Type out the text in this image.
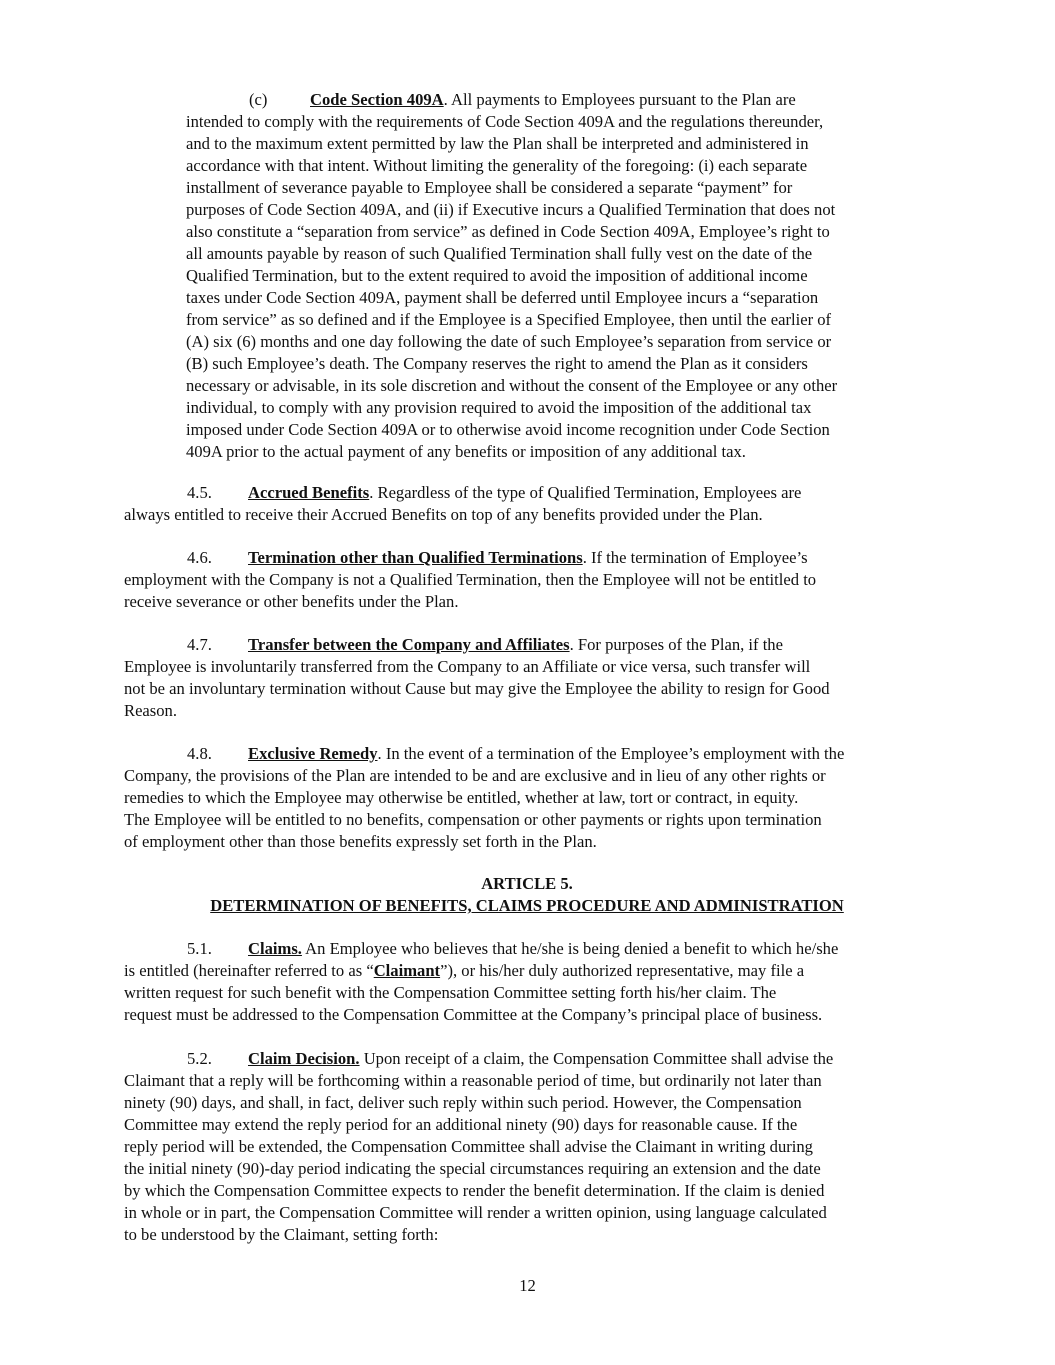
(c)	Code Section 409A. All payments to Employees pursuant to the Plan are
intended to comply with the requirements of Code Section 409A and the regulations thereunder,
and to the maximum extent permitted by law the Plan shall be interpreted and administered in
accordance with that intent. Without limiting the generality of the foregoing: (i) each separate
installment of severance payable to Employee shall be considered a separate “payment” for
purposes of Code Section 409A, and (ii) if Executive incurs a Qualified Termination that does not
also constitute a “separation from service” as defined in Code Section 409A, Employee’s right to
all amounts payable by reason of such Qualified Termination shall fully vest on the date of the
Qualified Termination, but to the extent required to avoid the imposition of additional income
taxes under Code Section 409A, payment shall be deferred until Employee incurs a “separation
from service” as so defined and if the Employee is a Specified Employee, then until the earlier of
(A) six (6) months and one day following the date of such Employee’s separation from service or
(B) such Employee’s death. The Company reserves the right to amend the Plan as it considers
necessary or advisable, in its sole discretion and without the consent of the Employee or any other
individual, to comply with any provision required to avoid the imposition of the additional tax
imposed under Code Section 409A or to otherwise avoid income recognition under Code Section
409A prior to the actual payment of any benefits or imposition of any additional tax.
4.5. Accrued Benefits. Regardless of the type of Qualified Termination, Employees are
always entitled to receive their Accrued Benefits on top of any benefits provided under the Plan.
4.6. Termination other than Qualified Terminations. If the termination of Employee’s
employment with the Company is not a Qualified Termination, then the Employee will not be entitled to
receive severance or other benefits under the Plan.
4.7. Transfer between the Company and Affiliates. For purposes of the Plan, if the
Employee is involuntarily transferred from the Company to an Affiliate or vice versa, such transfer will
not be an involuntary termination without Cause but may give the Employee the ability to resign for Good
Reason.
4.8. Exclusive Remedy. In the event of a termination of the Employee’s employment with the
Company, the provisions of the Plan are intended to be and are exclusive and in lieu of any other rights or
remedies to which the Employee may otherwise be entitled, whether at law, tort or contract, in equity.
The Employee will be entitled to no benefits, compensation or other payments or rights upon termination
of employment other than those benefits expressly set forth in the Plan.
ARTICLE 5.
DETERMINATION OF BENEFITS, CLAIMS PROCEDURE AND ADMINISTRATION
5.1. Claims. An Employee who believes that he/she is being denied a benefit to which he/she
is entitled (hereinafter referred to as “Claimant”), or his/her duly authorized representative, may file a
written request for such benefit with the Compensation Committee setting forth his/her claim. The
request must be addressed to the Compensation Committee at the Company’s principal place of business.
5.2. Claim Decision. Upon receipt of a claim, the Compensation Committee shall advise the
Claimant that a reply will be forthcoming within a reasonable period of time, but ordinarily not later than
ninety (90) days, and shall, in fact, deliver such reply within such period. However, the Compensation
Committee may extend the reply period for an additional ninety (90) days for reasonable cause. If the
reply period will be extended, the Compensation Committee shall advise the Claimant in writing during
the initial ninety (90)-day period indicating the special circumstances requiring an extension and the date
by which the Compensation Committee expects to render the benefit determination. If the claim is denied
in whole or in part, the Compensation Committee will render a written opinion, using language calculated
to be understood by the Claimant, setting forth:
12
